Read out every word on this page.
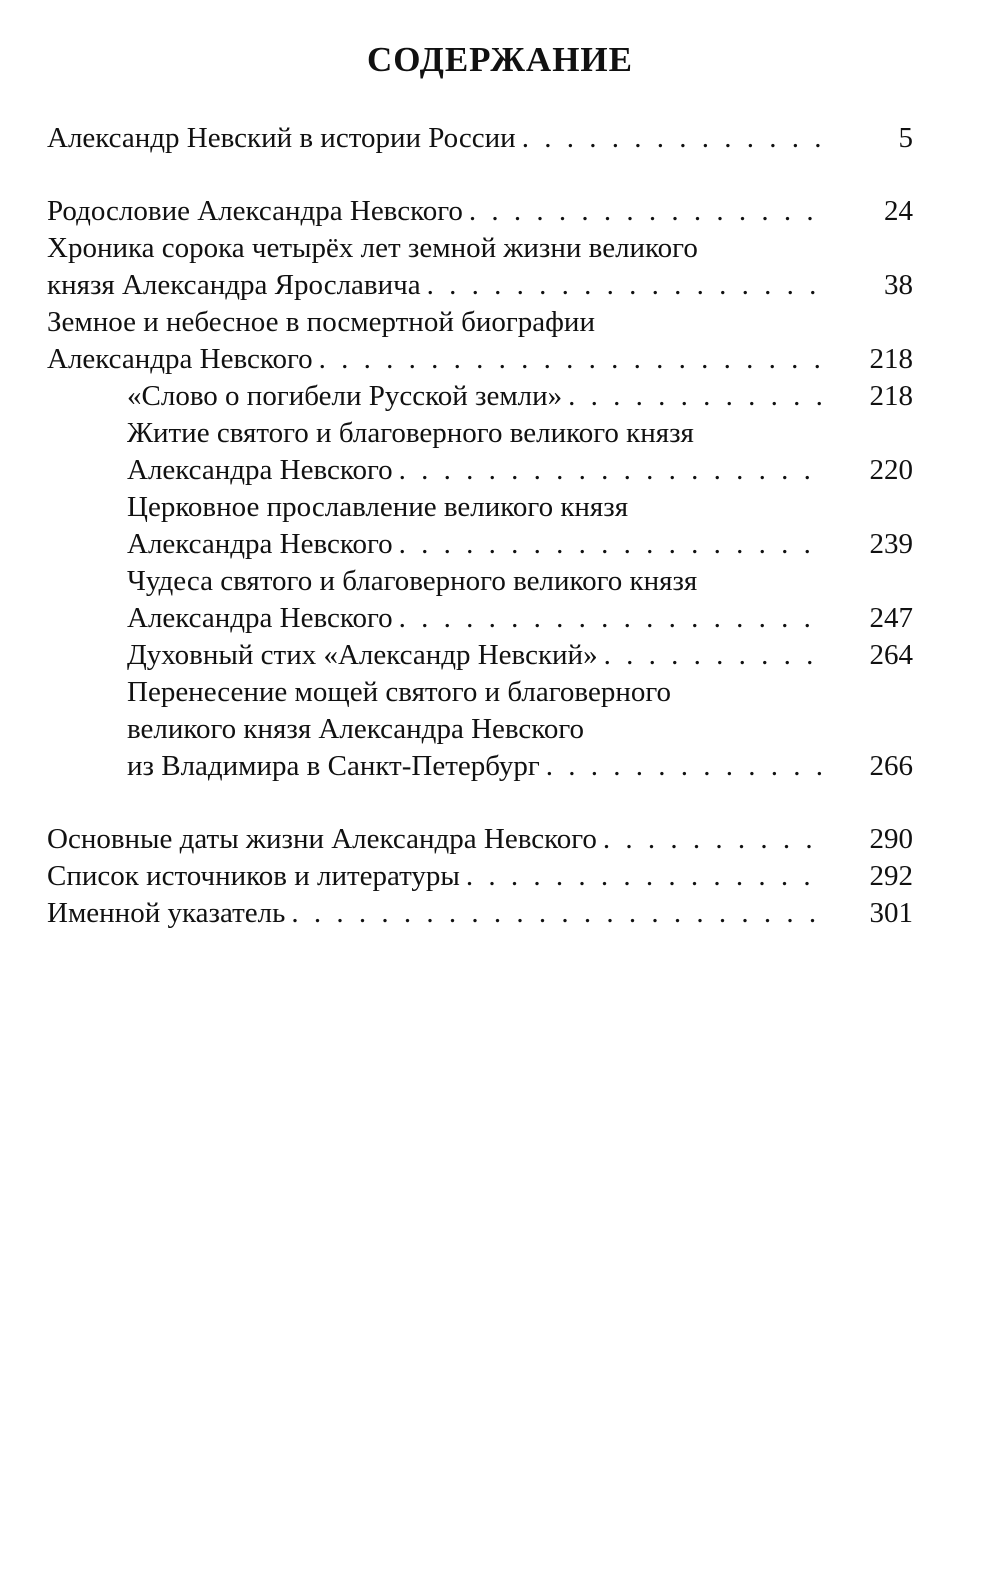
СОДЕРЖАНИЕ
Александр Невский в истории России . . .	5
Родословие Александра Невского . . .	24
Хроника сорока четырёх лет земной жизни великого
князя Александра Ярославича . . .	38
Земное и небесное в посмертной биографии
Александра Невского . . .	218
«Слово о погибели Русской земли» . . .	218
Житие святого и благоверного великого князя
Александра Невского . . .	220
Церковное прославление великого князя
Александра Невского . . .	239
Чудеса святого и благоверного великого князя
Александра Невского . . .	247
Духовный стих «Александр Невский» . . .	264
Перенесение мощей святого и благоверного
великого князя Александра Невского
из Владимира в Санкт-Петербург . . .	266
Основные даты жизни Александра Невского . . .	290
Список источников и литературы . . .	292
Именной указатель . . .	301
